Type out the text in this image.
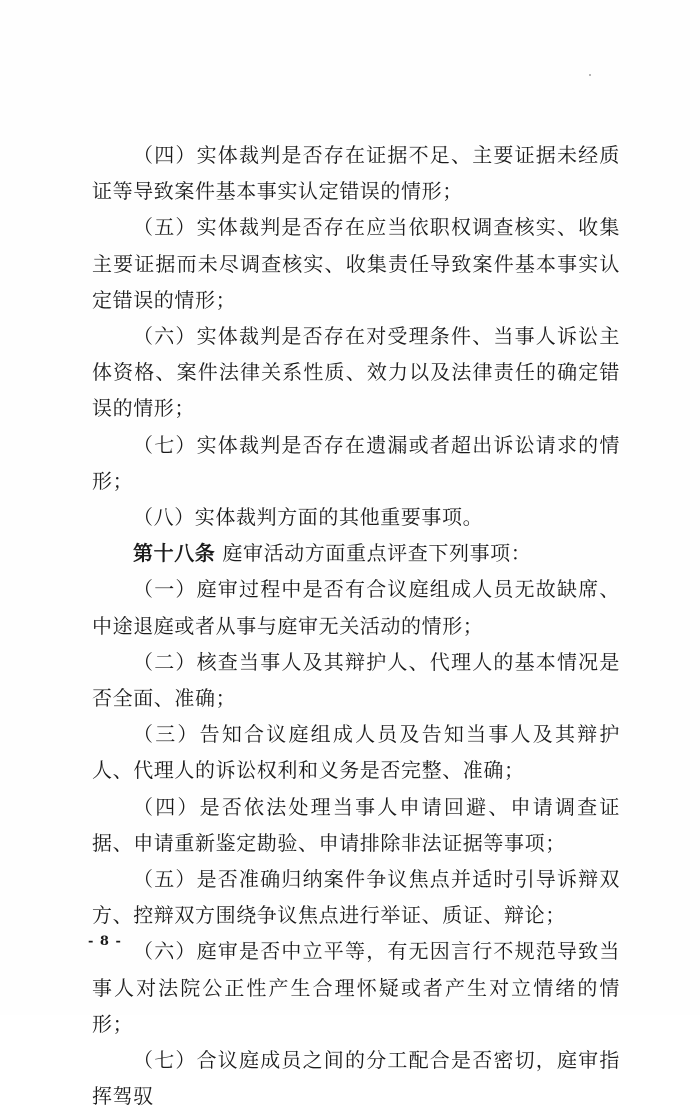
（四）实体裁判是否存在证据不足、主要证据未经质证等导致案件基本事实认定错误的情形；

（五）实体裁判是否存在应当依职权调查核实、收集主要证据而未尽调查核实、收集责任导致案件基本事实认定错误的情形；

（六）实体裁判是否存在对受理条件、当事人诉讼主体资格、案件法律关系性质、效力以及法律责任的确定错误的情形；

（七）实体裁判是否存在遗漏或者超出诉讼请求的情形；

（八）实体裁判方面的其他重要事项。

第十八条 庭审活动方面重点评查下列事项：

（一）庭审过程中是否有合议庭组成人员无故缺席、中途退庭或者从事与庭审无关活动的情形；

（二）核查当事人及其辩护人、代理人的基本情况是否全面、准确；

（三）告知合议庭组成人员及告知当事人及其辩护人、代理人的诉讼权利和义务是否完整、准确；

（四）是否依法处理当事人申请回避、申请调查证据、申请重新鉴定勘验、申请排除非法证据等事项；

（五）是否准确归纳案件争议焦点并适时引导诉辩双方、控辩双方围绕争议焦点进行举证、质证、辩论；

（六）庭审是否中立平等，有无因言行不规范导致当事人对法院公正性产生合理怀疑或者产生对立情绪的情形；

（七）合议庭成员之间的分工配合是否密切，庭审指挥驾驭

- 8 -
